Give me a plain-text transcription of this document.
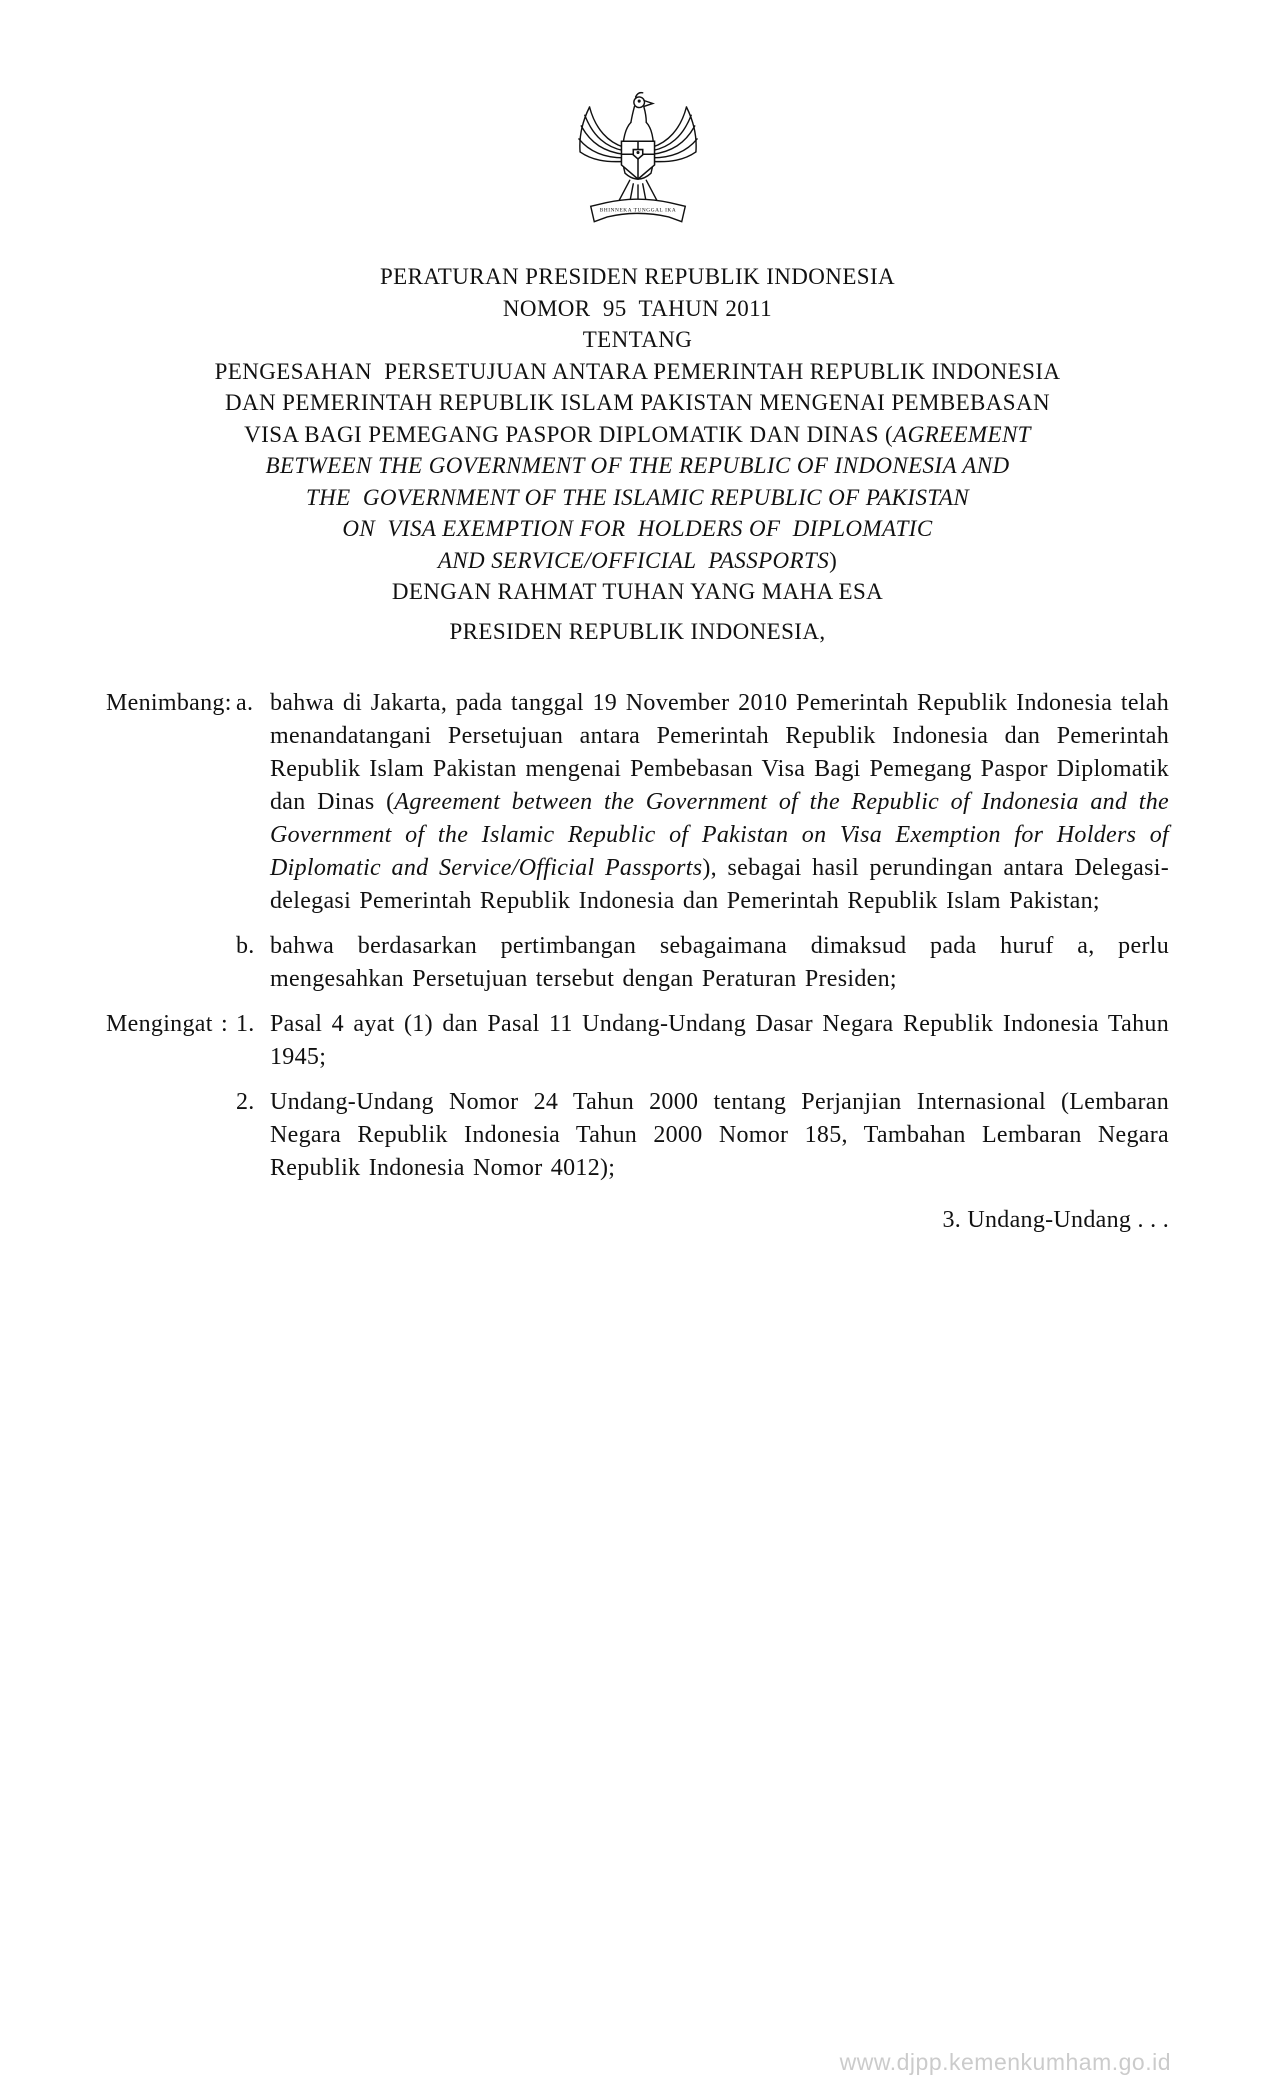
BHINNEKA TUNGGAL IKA
PERATURAN PRESIDEN REPUBLIK INDONESIA
NOMOR  95  TAHUN 2011
TENTANG
PENGESAHAN  PERSETUJUAN ANTARA PEMERINTAH REPUBLIK INDONESIA
DAN PEMERINTAH REPUBLIK ISLAM PAKISTAN MENGENAI PEMBEBASAN
VISA BAGI PEMEGANG PASPOR DIPLOMATIK DAN DINAS (AGREEMENT
BETWEEN THE GOVERNMENT OF THE REPUBLIC OF INDONESIA AND
THE  GOVERNMENT OF THE ISLAMIC REPUBLIC OF PAKISTAN
ON  VISA EXEMPTION FOR  HOLDERS OF  DIPLOMATIC
AND SERVICE/OFFICIAL  PASSPORTS)
DENGAN RAHMAT TUHAN YANG MAHA ESA
PRESIDEN REPUBLIK INDONESIA,
Menimbang : a. bahwa di Jakarta, pada tanggal 19 November 2010 Pemerintah Republik Indonesia telah menandatangani Persetujuan antara Pemerintah Republik Indonesia dan Pemerintah Republik Islam Pakistan mengenai Pembebasan Visa Bagi Pemegang Paspor Diplomatik dan Dinas (Agreement between the Government of the Republic of Indonesia and the Government of the Islamic Republic of Pakistan on Visa Exemption for Holders of Diplomatic and Service/Official Passports), sebagai hasil perundingan antara Delegasi-delegasi Pemerintah Republik Indonesia dan Pemerintah Republik Islam Pakistan;

b. bahwa berdasarkan pertimbangan sebagaimana dimaksud pada huruf a, perlu mengesahkan Persetujuan tersebut dengan Peraturan Presiden;

Mengingat : 1. Pasal 4 ayat (1) dan Pasal 11 Undang-Undang Dasar Negara Republik Indonesia Tahun 1945;

2. Undang-Undang Nomor 24 Tahun 2000 tentang Perjanjian Internasional (Lembaran Negara Republik Indonesia Tahun 2000 Nomor 185, Tambahan Lembaran Negara Republik Indonesia Nomor 4012);

3. Undang-Undang . . .

www.djpp.kemenkumham.go.id
